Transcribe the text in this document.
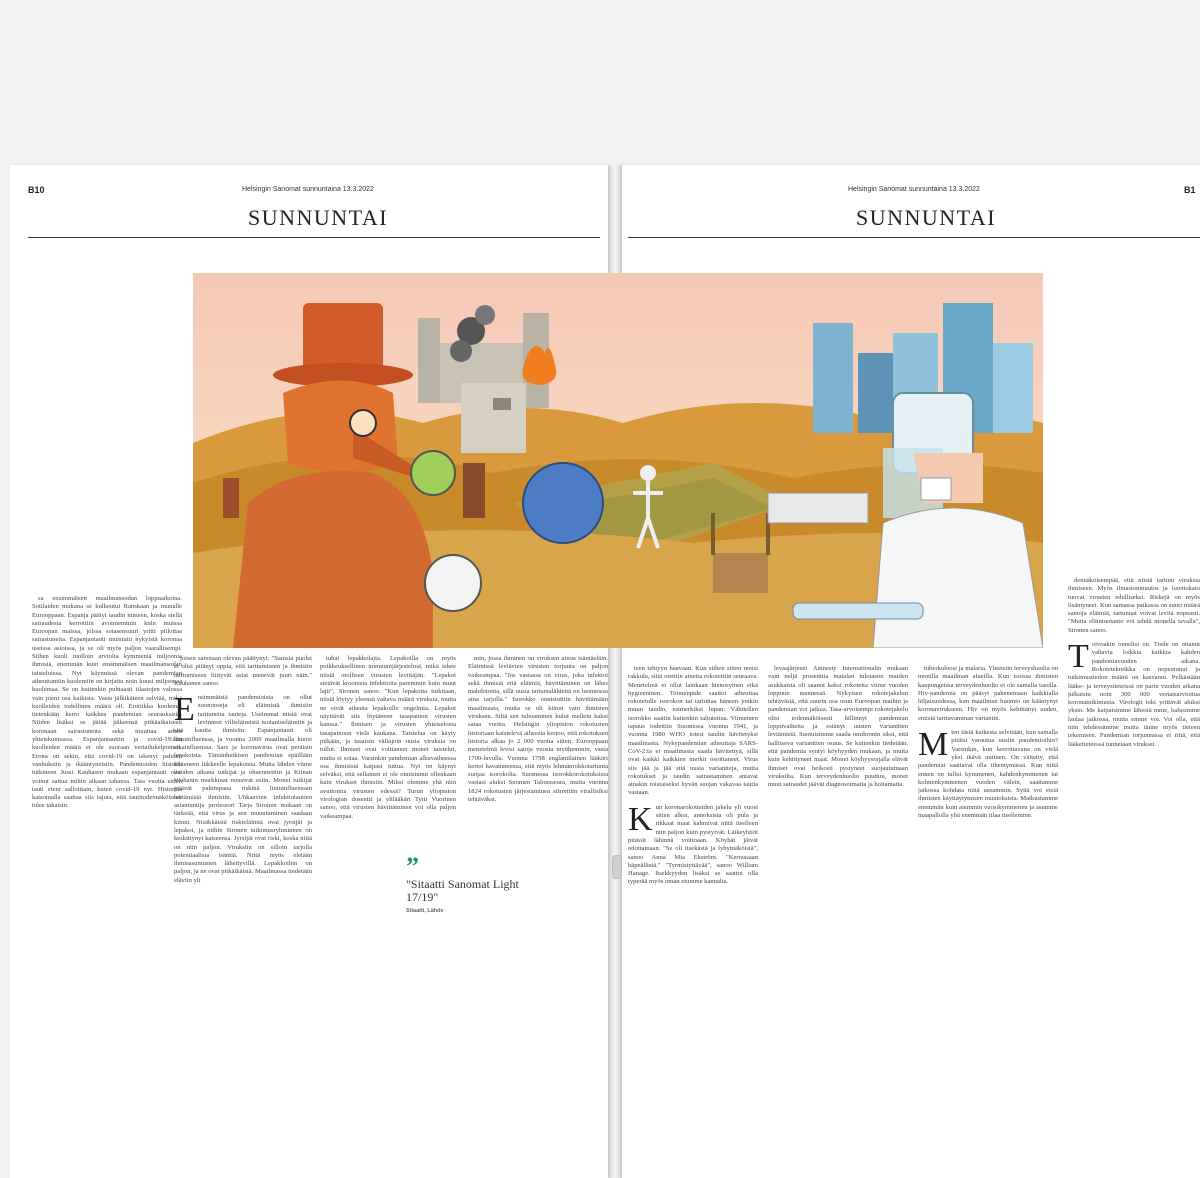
B10	Helsingin Sanomat sunnuntaina 13.3.2022
SUNNUNTAI

sa ensimmäisen maailmansodan loppuaikoina. Sotilaiden mukana se kulkeutui Ranskaan ja muualle Eurooppaan. Espanja päätyi taudin nimeen, koska siellä sairaudesta kerrottiin avoimemmin kuin muissa Euroopan maissa, joissa sotasensuuri yritti piilottaa sairastuneita. Espanjantauti muistutti nykyistä koronaa useissa asioissa, ja se oli myös paljon vaarallisempi. Siihen kuoli tuolloin arviolta kymmeniä miljoonia ihmisiä, enemmän kuin ensimmäisen maailmansodan taisteluissa. Nyt käynnissä olevan pandemian aiheuttamiin kuolemiin on kirjattu noin kuusi miljoonaa kuolemaa. Se on kuitenkin puhtaasti tilastojen valossa vain pieni osa kaikista. Vasta jälkikäteen selviää, mikä kuolleiden todellinen määrä oli. Erotiikka kuolemat tietenkään kerro kaikkea pandemian seurauksista. Niiden lisäksi se jättää jälkeensä pitkäaikaisesti koronaan sairastuneita sekä muuttaa arkea yhteiskunnassa. Espanjantautiin ja covid-19:ään kuolleiden määrä ei ole suoraan vertailukelpoinen. Erona on sekin, että covid-19 on iskenyt pahiten vanhuksiin ja ikääntyneisiin. Pandemioiden historia tutkineen Jussi Kauhasen mukaan espanjantauti olisi voinut sattua mihin aikaan tahansa. Tata vuotta sitten tauti eteni aalloittain, kuten covid-19 nyt. Historiaa katsomalla saattaa siis tajuta, että tautitodennäköisesti tulee takaisin.

joisen sanotaan olevan päättynyt. "Sanista puolet ei olisi pitänyt oppia, että tarttumiseen ja ihmisiin tarttumiseen liittyvät asiat menevät juuri näin." Kauhanen sanoo.

Ensimmäistä pandemioista on ollut zoonooseja eli eläimistä ihmisiin tarttuneita tauteja. Useimmat niistä ovat levinneet villieläimistä tuotantoeläimiin ja sitä kautta ihmisiin. Espanjantauti oli lintuinfluenssa, ja vuonna 2009 maailmalla kiersi sikainfluenssa. Sars ja koronavirus ovat peräisin lepakoista. Tämänhetkisen pandemian epäillään lähteneen liikkeelle lepakoista. Mutta lähden viime vuoden aikana tutkijat ja ohuennettiin ja Kiinan Wuhanin markkinat nousivat esiin. Monet tutkijat pitävät pahimpana riskinä lintuinfluenssan leviämistä ihmisiin. Uhkaavien infektiotautien asiantuntija professori Tarja Sironen mukaan on tärkeää, että virus ja sen muuntuminen saadaan kiinni. Nisäkkäistä riskieläimiä ovat jyrsijät ja lepakot, ja niihin Sironen tutkimusryhmineen on keskittynyt katseensa. Jyrsijät ovat riski, koska niitä on niin paljon. Viruksiin on silloin tarjolla potentiaalisia isäntiä. Niitä myös eletään ihmisasumusten lähettyvillä. Lepakkoihin on paljon, ja ne ovat pitkäikäisiä. Maailmassa tiedetään eläviin yli

tuhat lepakkolajia. Lepakoilla on myös poikkeuksellinen immuunijärjestelmä, mikä tekee niistä otollisen virusten levittäjän. "Lepakot sietävät kroonisia infektioita paremmin kuin muut lajit", Sironen sanoo. "Kun lepakoita tutkitaan, niistä löytyy yleensä valtava määrä viruksia, mutta ne eivät aiheuta lepakoille ongelmia. Lepakot näyttävät siis löytäneen tasapainon virusten kanssa." Ihmisen ja virusten yhteiselosta tasapainoon vielä kaukana. Taistelua on käyty pitkään, ja tasaisin väliajoin uusia viruksia on tullut. Ihmiset ovat voittaneet monet taistelut, mutta ei sotaa. Varsinkin pandemian alkuvaiheessa osa ihmisistä kaipasi tuttua. Nyt on käynyt selväksi, että sellainen ei ole onnistunut ollenkaan kuin virukset ihmisiin. Miksi olemme yhä niin avuttomia virusten edessä? Turun yliopiston virologian dosentti ja ylilääkäri Tytti Vuorinen sanoo, että virusten hävittäminen voi olla paljon vaikeampaa.

min, jossa ihminen on viruksen ainoa isäntäeläin. Eläimissä leviävien virusten torjunta on paljon vaikeampaa. "Jos vastassa on virus, joka infektoi sekä ihmisiä että eläimiä, hävittäminen on lähes mahdotonta, sillä uusia tartuntalähteitä on luonnossa aina tarjolla." Isorokko onnistuttiin hävittämään maailmasta, mutta se oli kiinni vain ihmisten viruksen. Siltä sen tuhoaminen kului mellein kaksi sataa vuotta. Helsingin yliopiston rokotusten historiaan kaistelevä aiheesta kertoo, että rokotuksen historia alkaa jo 2 000 vuotta sitten. Eurooppaan menetelmä levisi satoja vuosia myöhemmin, vasta 1700-luvulla. Vuonna 1798 englantilainen lääkäri kertoi havainneensa, että myös lehmänrokkotartunta suojaa isorokolta. Suomessa isorokkorokotuksista vastasi aluksi Suomen Talousseura, mutta vuonna 1824 rokotusten järjestäminen siirrettiin virallisiksi tehtäväksi.

B1
Helsingin Sanomat sunnuntaina 13.3.2022
SUNNUNTAI

teen tehtyyn haavaan. Kun siihen sitten nousi rakkula, siitä otettiin ainetta rokotettiin seuraava. Menetelmä ei ollut lainkaan hienosyinen eikä hygieeninen. Toimenpide saattoi aiheuttaa rokotetulle isorokon tai tartuttaa häneen jonkin muun taudin, esimerkiksi lupan. Vähitellen isorokko saatiin kuitenkin taltutettua. Viimeinen tapaus todettiin Suomessa vuonna 1941, ja vuonna 1980 WHO totesi taudin hävitetyksi maailmasta. Nykypandemian aiheuttaja SARS-CoV-2:ta ei maailmasta saada hävitettyä, sillä ovat kaikki kaikkien merkit osoittaneet. Virus siis jää ja jää sitä uusia variantteja, mutta rokotukset ja taudin sairastaminen antavat ainakin toistaiseksi hyvän suojan vakavaa tautia vastaan.

Kun koronarokotteiden jakelu yli vuosi sitten alkoi, annoksista oli pula ja rikkaat maat kahmivat niitä itselleen niin paljon kuin pystyivät. Läikeyhtiöt pitävät lähinnä voittoaan. Köyhät jäivät odottamaan. "Se oli itsekästä ja lyhytnäköistä", sanoo Anna Mia Ekström. "Kerrassaan häpeällistä." "Tyrmistyttävää", sanoo William Hanage. Itsekkyyden lisäksi se saattoi olla typerää myös oman etumme kannalta.

levaajärjestö Amnesty Internationalin mukaan vain neljä prosenttia matalan tulotason maiden asukkaista oli saanut kaksi rokotetta viime vuoden loppuun mennessä. Nykyisen rokotejakelun tehtävästä, että suurin osa osuu Euroopan maihin ja pandemian voi jatkua. Tasa-arvoisempi rokotejakelu olisi todennäköisesti hillinnyt pandemian loppuvaiheita ja estänyt uusien varianttien leviämistä. Suotuisimme saada omikronin siksi, että hallitseva varianttien osuus. Se kuitenkin tiedetään, että pandemia syntyi köyhyyden mukaan, ja muita kuin kehittyneet maat. Monet köyhyysrajalla elävät ihmiset ovat heikosti pystyneet suojautumaan viruksilta. Kun terveydenhuolto puuttuu, monet muut sairaudet jäävät diagnosoimatta ja hoitamatta.

tuberkuloosi ja malaria. Yhteisiin terveyshuolia on monilla maailman alueilla. Kun isoissa ihmisten kaupungeissa terveydenhuolto ei ole samalla tasolla. Hiv-pandemia on pääsyt pahenemaan kaikkialla hiljaisuudessa, kun maailman huomio on kääntynyt koronavirukseen. Hiv on myös kehittänyt uuden, entistä tarttuvamman variantin.

Mten tästä kaikesta selvitään, kun samalla pitäisi varautua uusiin pandemioihin? Varsinkin, kun kerrottavana on vielä yksi ikävä uutinen. On väitetty, että pandemiat saattavat olla tihentymässä. Kun niitä ennen on tullut kymmenen, kahdenkymmenen tai kolmenkymmenen vuoden välein, saattamme jatkossa kohdata niitä useammin. Syitä voi etsiä ihmisten käyttäytymisen muutoksista. Matkustamme enemmän kuin aiemmin vuosikymmenen ja asumme maapallolla yhä enemmän tilaa itsellemme.

dennäköisempää, että niistä tarttuu viruksia ihmiseen. Myös ilmastonmuutos ja luontokato tuovat virusten edulliseksi. Riskejä on myös lisäntyneet. Kun samassa paikassa on suuri määrä samoja eläimiä, tartunnat voivat levitä nopeasti. "Mutta eläintuotanto voi tehdä monella tavalla", Sironen sanoo.

Toivoakin onnelisi on. Tiede on ottanut valtavia loikkia kaikkia kahden pandemiavuoden aikana. Rokotetekniikka on nopeutunut ja tutkimustiedon määrä on kasvanut. Pelkästään lääke- ja terveystieteissä on parin vuoden aikana julkaistu noin 300 000 vertaisarvioitua koronatutkimusta. Virologit toki yrittävät aluksi yksin. Me kaipaisimme lähestä mme, halusimme laulaa jatkossa, mutta emme voi. Voi olla, että niin tehdessämme mutta tänne myös tieteen tekemisen. Pandemian torjunnassa ei riitä, että lääketieteessä tunnetaan virukset.
”
"Sitaatti Sanomat Light 17/19"
Sitaatti, Lähde
